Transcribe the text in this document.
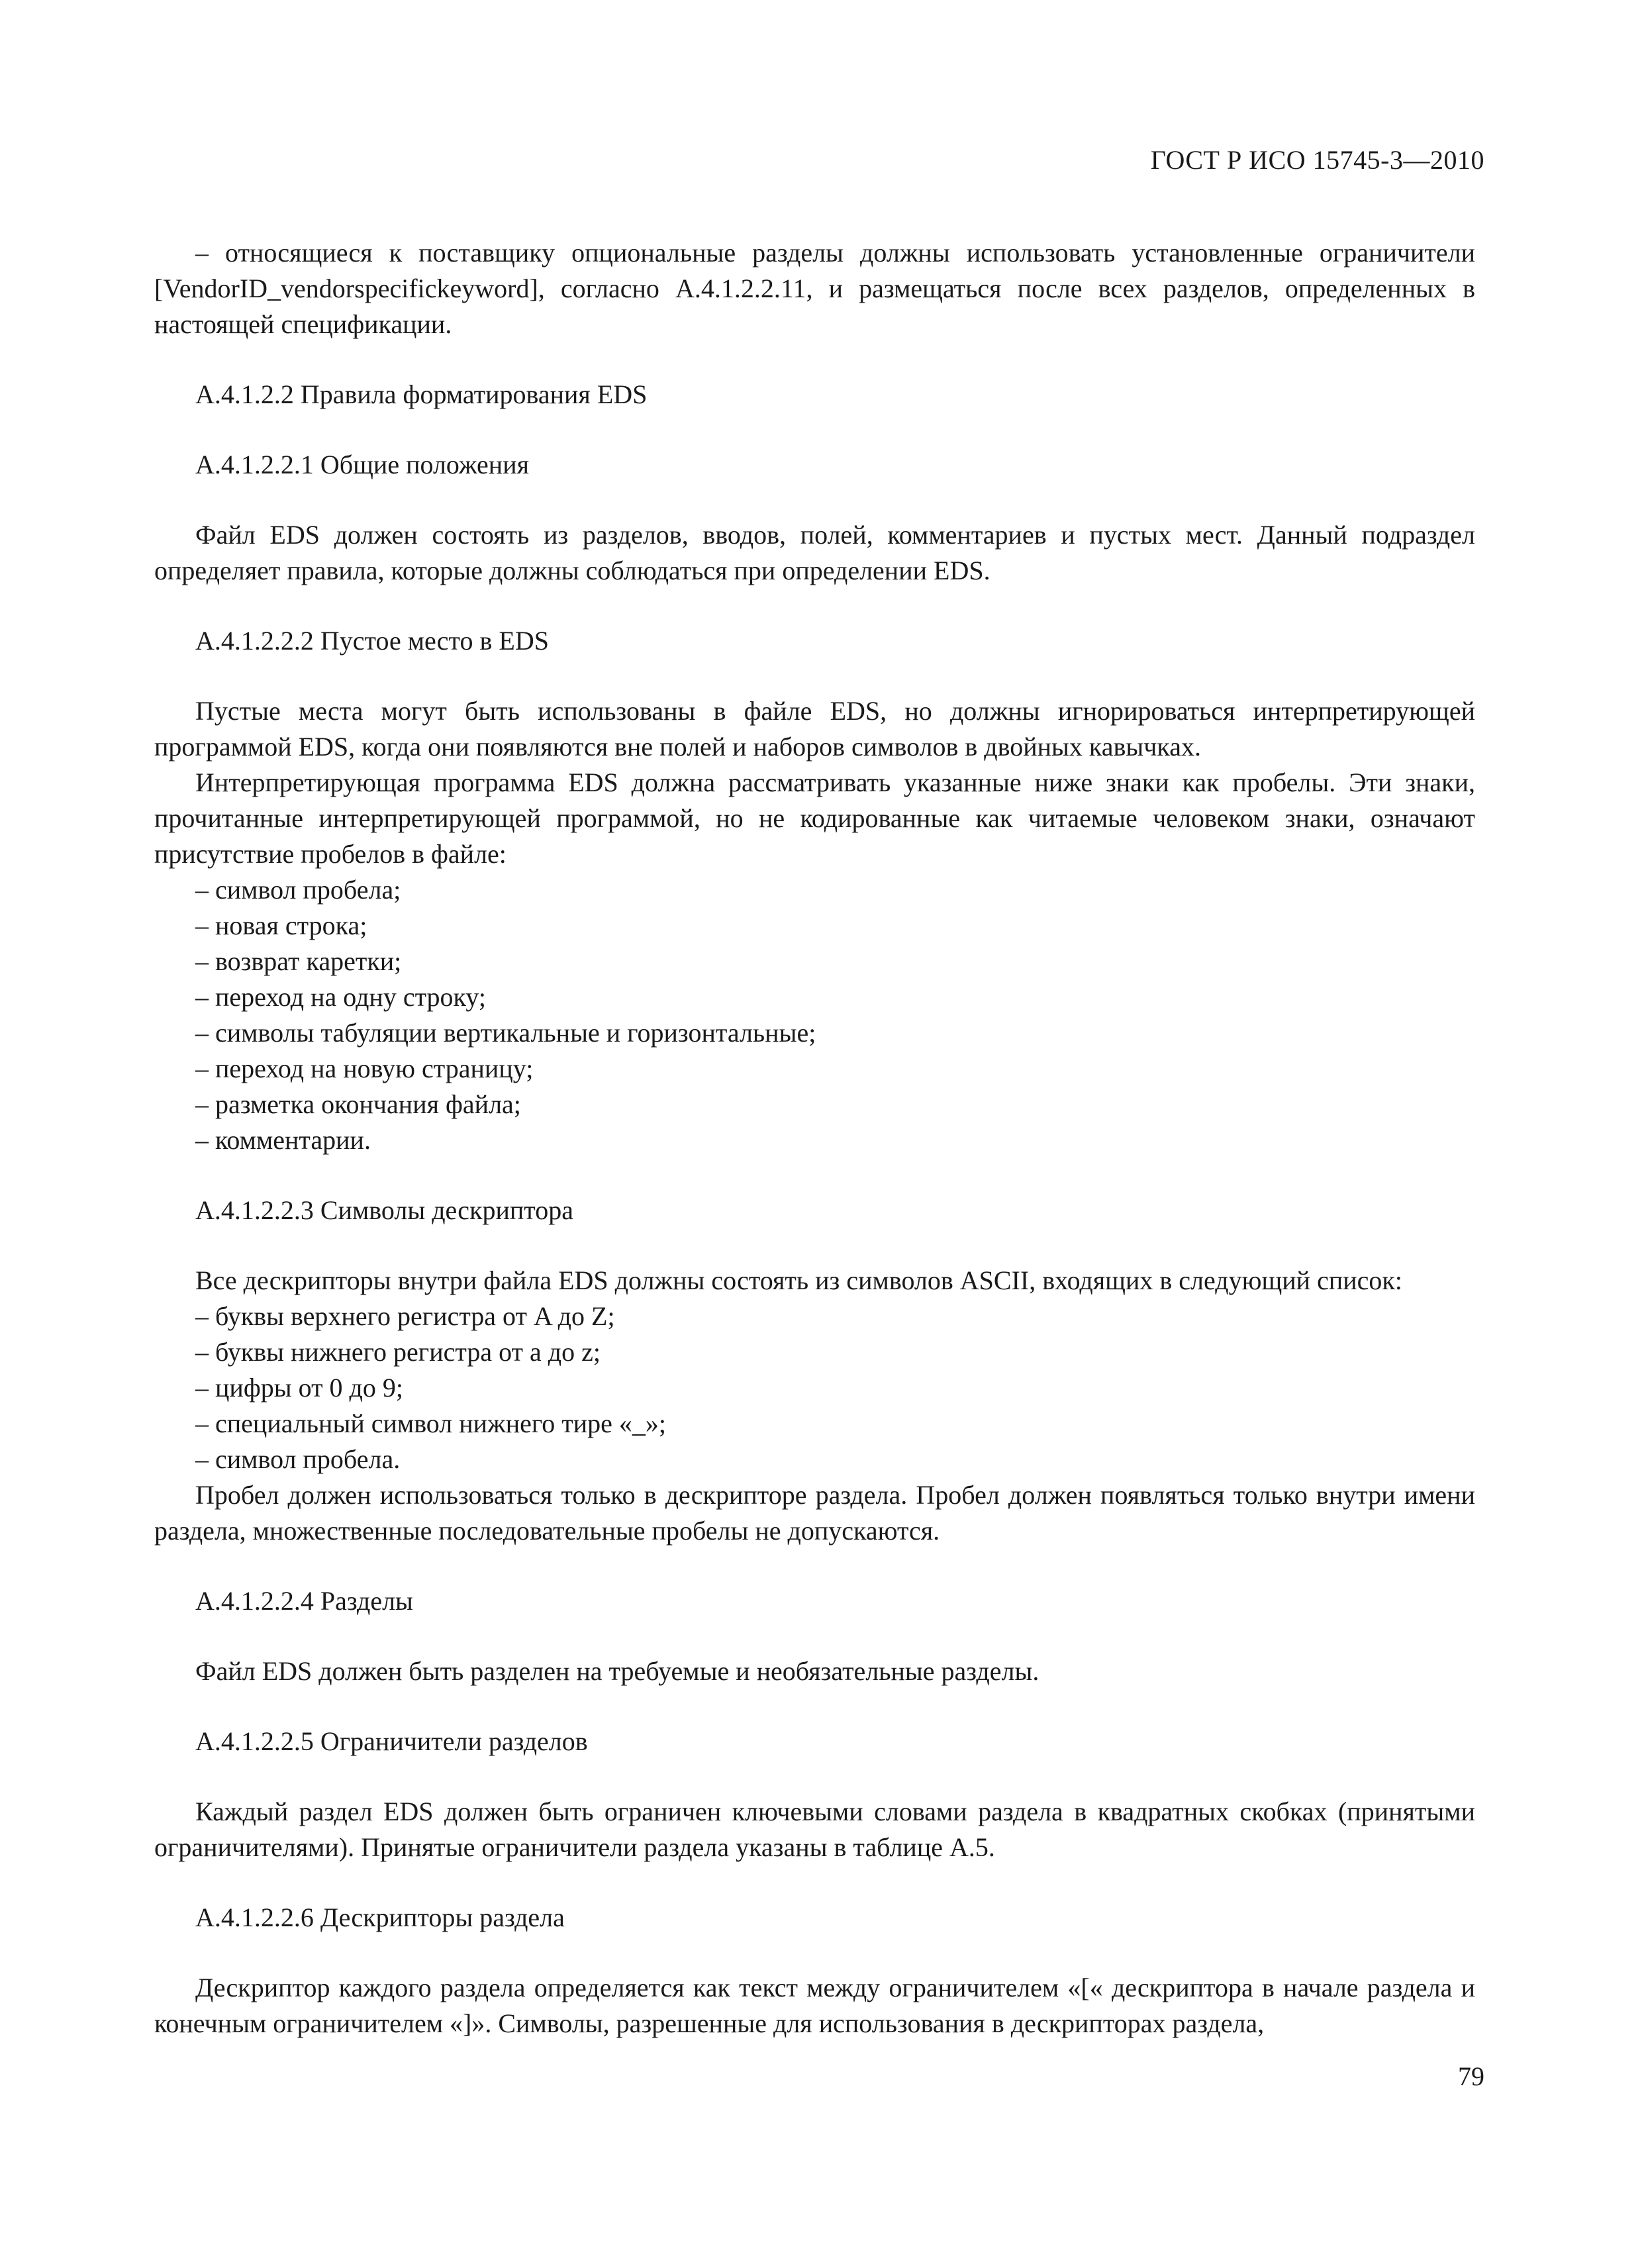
ГОСТ Р ИСО 15745-3—2010

– относящиеся к поставщику опциональные разделы должны использовать установленные ограничители [VendorID_vendorspecifickeyword], согласно А.4.1.2.2.11, и размещаться после всех разделов, определенных в настоящей спецификации.

А.4.1.2.2 Правила форматирования EDS

А.4.1.2.2.1 Общие положения

Файл EDS должен состоять из разделов, вводов, полей, комментариев и пустых мест. Данный подраздел определяет правила, которые должны соблюдаться при определении EDS.

А.4.1.2.2.2 Пустое место в EDS

Пустые места могут быть использованы в файле EDS, но должны игнорироваться интерпретирующей программой EDS, когда они появляются вне полей и наборов символов в двойных кавычках.

Интерпретирующая программа EDS должна рассматривать указанные ниже знаки как пробелы. Эти знаки, прочитанные интерпретирующей программой, но не кодированные как читаемые человеком знаки, означают присутствие пробелов в файле:

– символ пробела;

– новая строка;

– возврат каретки;

– переход на одну строку;

– символы табуляции вертикальные и горизонтальные;

– переход на новую страницу;

– разметка окончания файла;

– комментарии.

А.4.1.2.2.3 Символы дескриптора

Все дескрипторы внутри файла EDS должны состоять из символов ASCII, входящих в следующий список:

– буквы верхнего регистра от A до Z;

– буквы нижнего регистра от a до z;

– цифры от 0 до 9;

– специальный символ нижнего тире «_»;

– символ пробела.

Пробел должен использоваться только в дескрипторе раздела. Пробел должен появляться только внутри имени раздела, множественные последовательные пробелы не допускаются.

А.4.1.2.2.4 Разделы

Файл EDS должен быть разделен на требуемые и необязательные разделы.

А.4.1.2.2.5 Ограничители разделов

Каждый раздел EDS должен быть ограничен ключевыми словами раздела в квадратных скобках (принятыми ограничителями). Принятые ограничители раздела указаны в таблице А.5.

А.4.1.2.2.6 Дескрипторы раздела

Дескриптор каждого раздела определяется как текст между ограничителем «[« дескриптора в начале раздела и конечным ограничителем «]». Символы, разрешенные для использования в дескрипторах раздела,

79
